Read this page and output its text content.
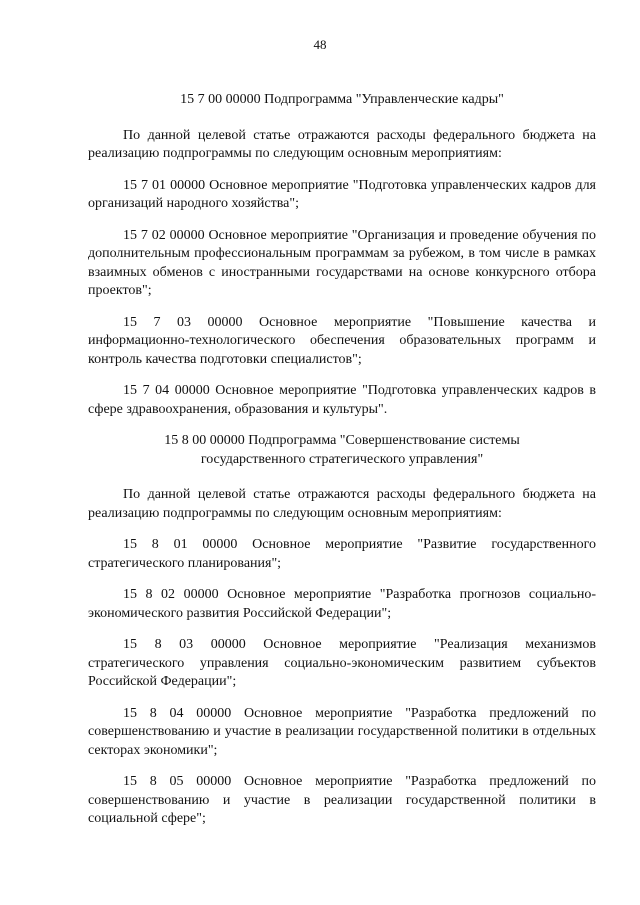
48
15 7 00 00000 Подпрограмма "Управленческие кадры"

По данной целевой статье отражаются расходы федерального бюджета на реализацию подпрограммы по следующим основным мероприятиям:

15 7 01 00000 Основное мероприятие "Подготовка управленческих кадров для организаций народного хозяйства";

15 7 02 00000 Основное мероприятие "Организация и проведение обучения по дополнительным профессиональным программам за рубежом, в том числе в рамках взаимных обменов с иностранными государствами на основе конкурсного отбора проектов";

15 7 03 00000 Основное мероприятие "Повышение качества и информационно-технологического обеспечения образовательных программ и контроль качества подготовки специалистов";

15 7 04 00000 Основное мероприятие "Подготовка управленческих кадров в сфере здравоохранения, образования и культуры".

15 8 00 00000 Подпрограмма "Совершенствование системы
государственного стратегического управления"

По данной целевой статье отражаются расходы федерального бюджета на реализацию подпрограммы по следующим основным мероприятиям:

15 8 01 00000 Основное мероприятие "Развитие государственного стратегического планирования";

15 8 02 00000 Основное мероприятие "Разработка прогнозов социально-экономического развития Российской Федерации";

15 8 03 00000 Основное мероприятие "Реализация механизмов стратегического управления социально-экономическим развитием субъектов Российской Федерации";

15 8 04 00000 Основное мероприятие "Разработка предложений по совершенствованию и участие в реализации государственной политики в отдельных секторах экономики";

15 8 05 00000 Основное мероприятие "Разработка предложений по совершенствованию и участие в реализации государственной политики в социальной сфере";
